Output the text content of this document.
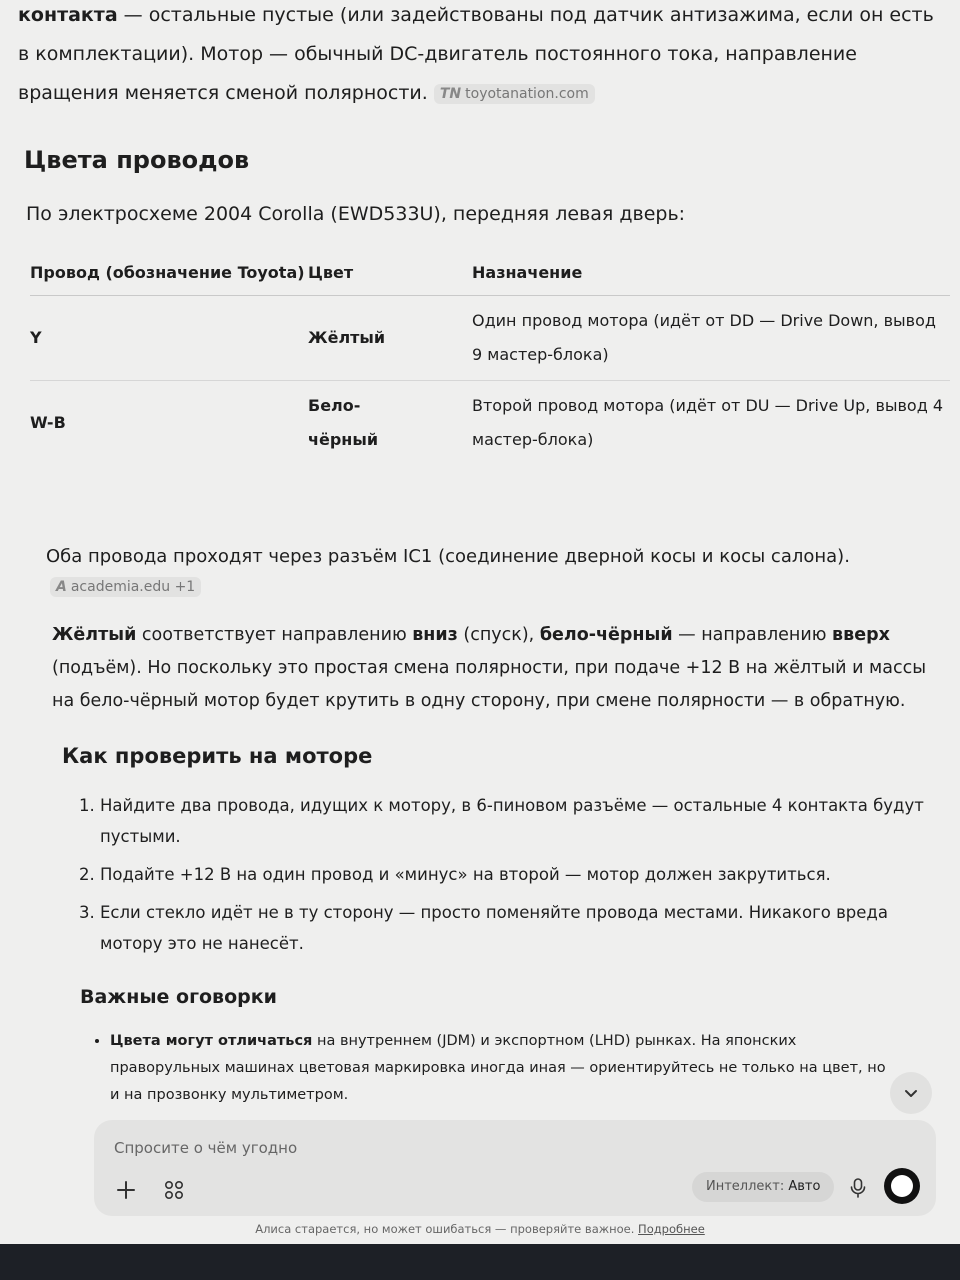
контакта — остальные пустые (или задействованы под датчик антизажима, если он есть в комплектации). Мотор — обычный DC-двигатель постоянного тока, направление вращения меняется сменой полярности. TN toyotanation.com
Цвета проводов
По электросхеме 2004 Corolla (EWD533U), передняя левая дверь:
Провод (обозначение Toyota)	Цвет	Назначение
Y	Жёлтый	Один провод мотора (идёт от DD — Drive Down, вывод 9 мастер-блока)
W-B	Бело-чёрный	Второй провод мотора (идёт от DU — Drive Up, вывод 4 мастер-блока)
Оба провода проходят через разъём IC1 (соединение дверной косы и косы салона).
A academia.edu +1
Жёлтый соответствует направлению вниз (спуск), бело-чёрный — направлению вверх (подъём). Но поскольку это простая смена полярности, при подаче +12 В на жёлтый и массы на бело-чёрный мотор будет крутить в одну сторону, при смене полярности — в обратную.
Как проверить на моторе
1. Найдите два провода, идущих к мотору, в 6-пиновом разъёме — остальные 4 контакта будут пустыми.
2. Подайте +12 В на один провод и «минус» на второй — мотор должен закрутиться.
3. Если стекло идёт не в ту сторону — просто поменяйте провода местами. Никакого вреда мотору это не нанесёт.
Важные оговорки
• Цвета могут отличаться на внутреннем (JDM) и экспортном (LHD) рынках. На японских праворульных машинах цветовая маркировка иногда иная — ориентируйтесь не только на цвет, но и на прозвонку мультиметром.
Спросите о чём угодно
Интеллект: Авто
Алиса старается, но может ошибаться — проверяйте важное. Подробнее
